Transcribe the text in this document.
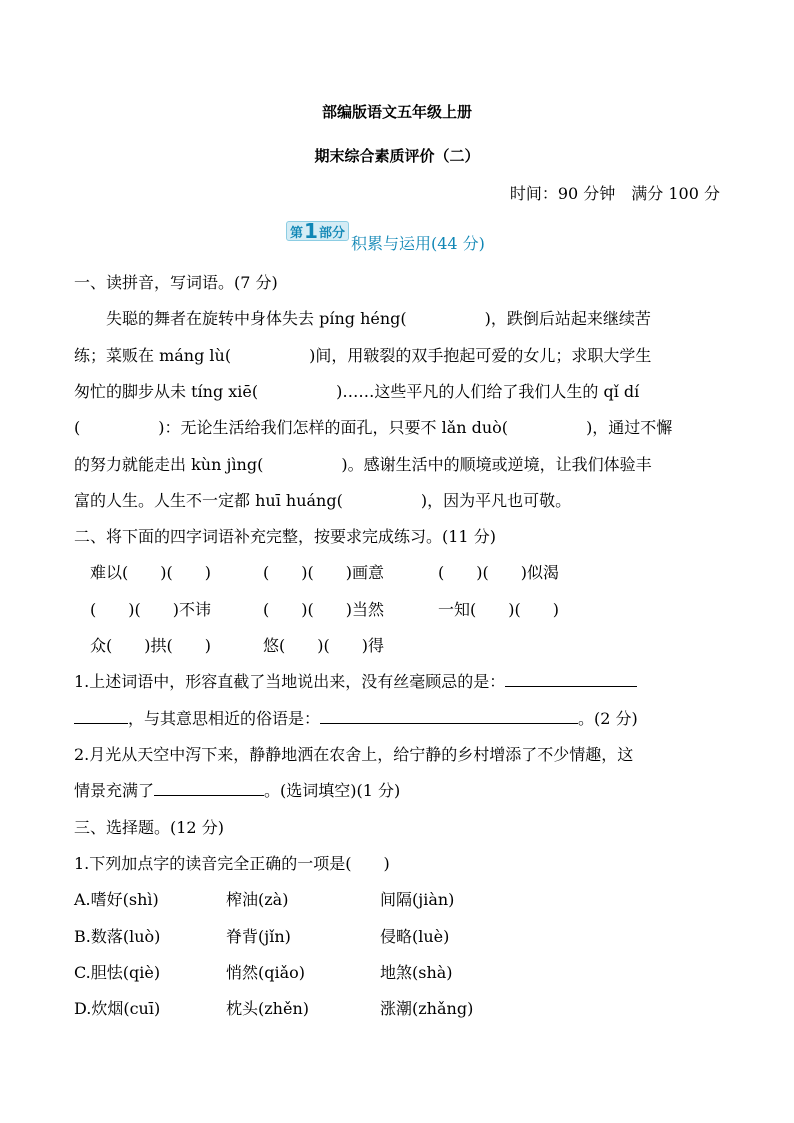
部编版语文五年级上册
期末综合素质评价（二）
时间：90 分钟　满分 100 分
第 1 部分
积累与运用(44 分)
一、读拼音，写词语。(7 分)
失聪的舞者在旋转中身体失去 píng héng(	)，跌倒后站起来继续苦
练；菜贩在 máng lù(	)间，用皲裂的双手抱起可爱的女儿；求职大学生
匆忙的脚步从未 tíng xiē(	)……这些平凡的人们给了我们人生的 qǐ dí
(	)：无论生活给我们怎样的面孔，只要不 lǎn duò(	)，通过不懈
的努力就能走出 kùn jìng(	)。感谢生活中的顺境或逆境，让我们体验丰
富的人生。人生不一定都 huī huáng(	)，因为平凡也可敬。
二、将下面的四字词语补充完整，按要求完成练习。(11 分)
难以(　　)(　　)	(　　)(　　)画意	(　　)(　　)似渴
(　　)(　　)不讳	(　　)(　　)当然	一知(　　)(　　)
众(　　)拱(　　)	悠(　　)(　　)得
1.上述词语中，形容直截了当地说出来，没有丝毫顾忌的是：
，与其意思相近的俗语是：	。(2 分)
2.月光从天空中泻下来，静静地洒在农舍上，给宁静的乡村增添了不少情趣，这
情景充满了	。(选词填空)(1 分)
三、选择题。(12 分)
1.下列加点字的读音完全正确的一项是(　　)
A.嗜好(shì)	榨油(zà)	间隔(jiàn)
B.数落(luò)	脊背(jǐn)	侵略(luè)
C.胆怯(qiè)	悄然(qiǎo)	地煞(shà)
D.炊烟(cuī)	枕头(zhěn)	涨潮(zhǎng)
